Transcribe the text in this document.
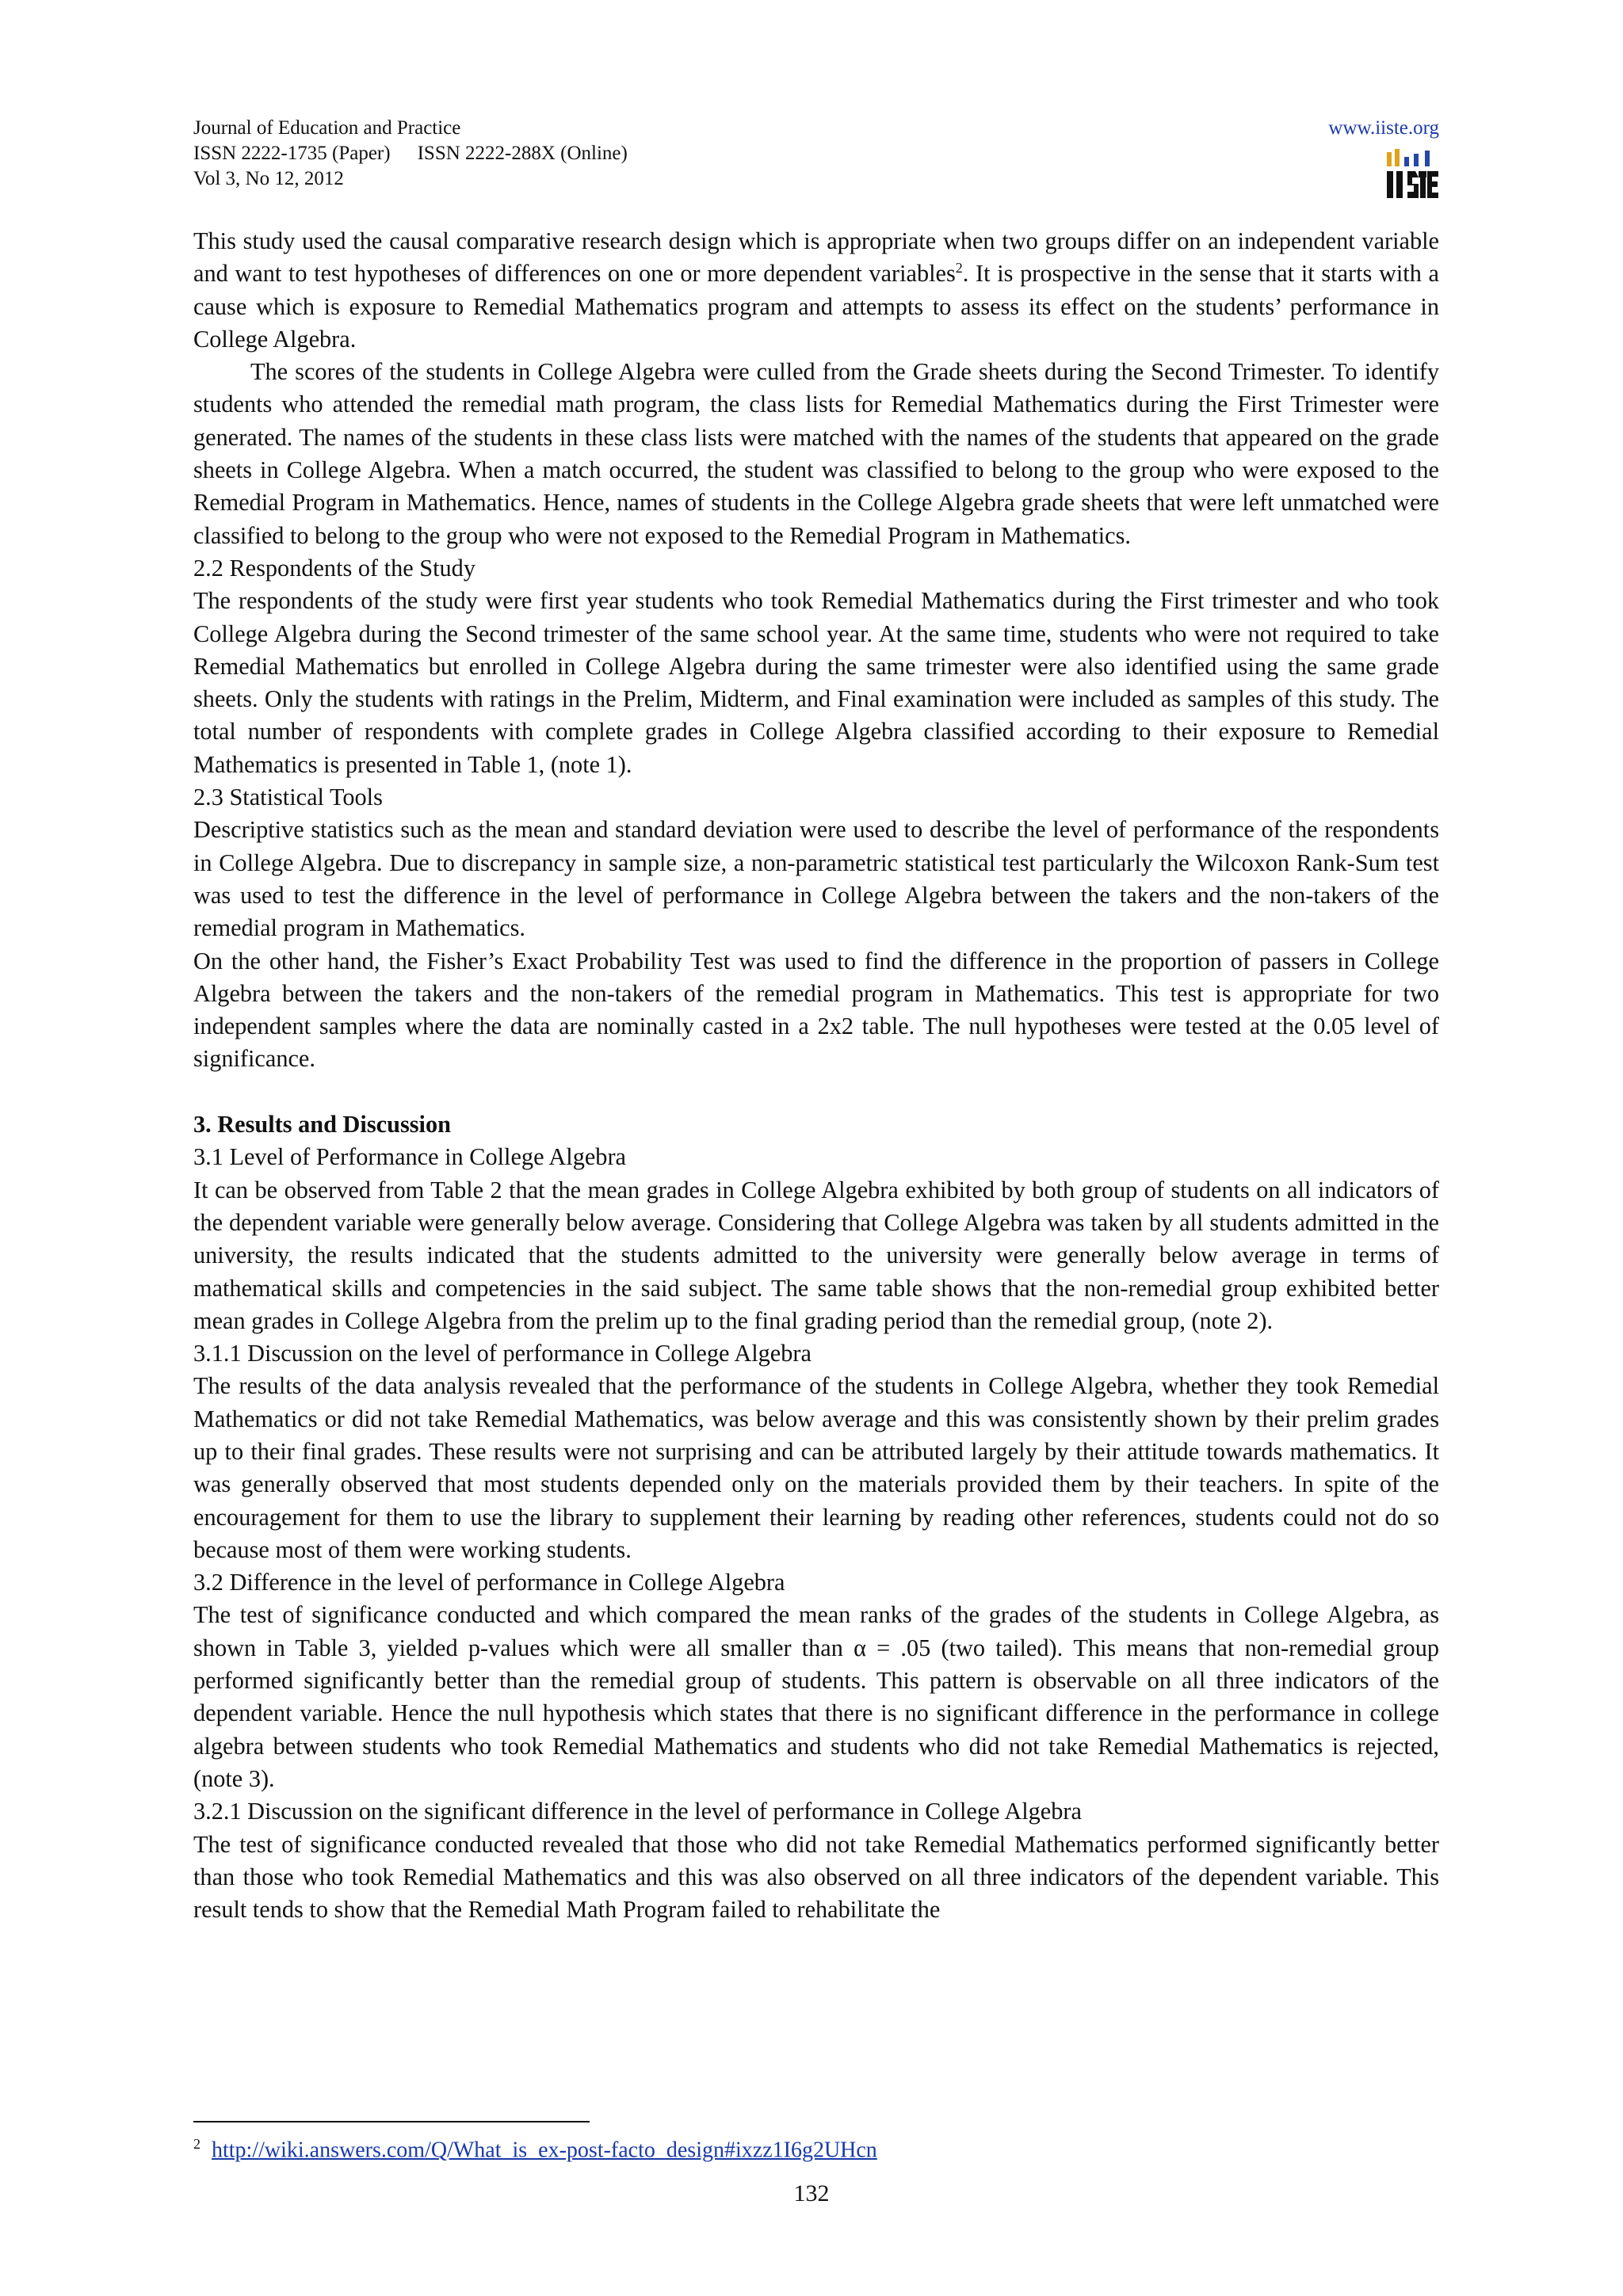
Journal of Education and Practice	www.iiste.org
ISSN 2222-1735 (Paper) ISSN 2222-288X (Online)
Vol 3, No 12, 2012

This study used the causal comparative research design which is appropriate when two groups differ on an independent variable and want to test hypotheses of differences on one or more dependent variables$^2$. It is prospective in the sense that it starts with a cause which is exposure to Remedial Mathematics program and attempts to assess its effect on the students’ performance in College Algebra.

The scores of the students in College Algebra were culled from the Grade sheets during the Second Trimester. To identify students who attended the remedial math program, the class lists for Remedial Mathematics during the First Trimester were generated. The names of the students in these class lists were matched with the names of the students that appeared on the grade sheets in College Algebra. When a match occurred, the student was classified to belong to the group who were exposed to the Remedial Program in Mathematics. Hence, names of students in the College Algebra grade sheets that were left unmatched were classified to belong to the group who were not exposed to the Remedial Program in Mathematics.

2.2 Respondents of the Study

The respondents of the study were first year students who took Remedial Mathematics during the First trimester and who took College Algebra during the Second trimester of the same school year. At the same time, students who were not required to take Remedial Mathematics but enrolled in College Algebra during the same trimester were also identified using the same grade sheets. Only the students with ratings in the Prelim, Midterm, and Final examination were included as samples of this study. The total number of respondents with complete grades in College Algebra classified according to their exposure to Remedial Mathematics is presented in Table 1, (note 1).

2.3 Statistical Tools

Descriptive statistics such as the mean and standard deviation were used to describe the level of performance of the respondents in College Algebra. Due to discrepancy in sample size, a non-parametric statistical test particularly the Wilcoxon Rank-Sum test was used to test the difference in the level of performance in College Algebra between the takers and the non-takers of the remedial program in Mathematics.

On the other hand, the Fisher’s Exact Probability Test was used to find the difference in the proportion of passers in College Algebra between the takers and the non-takers of the remedial program in Mathematics. This test is appropriate for two independent samples where the data are nominally casted in a 2x2 table. The null hypotheses were tested at the 0.05 level of significance.

3. Results and Discussion

3.1 Level of Performance in College Algebra

It can be observed from Table 2 that the mean grades in College Algebra exhibited by both group of students on all indicators of the dependent variable were generally below average. Considering that College Algebra was taken by all students admitted in the university, the results indicated that the students admitted to the university were generally below average in terms of mathematical skills and competencies in the said subject. The same table shows that the non-remedial group exhibited better mean grades in College Algebra from the prelim up to the final grading period than the remedial group, (note 2).

3.1.1 Discussion on the level of performance in College Algebra

The results of the data analysis revealed that the performance of the students in College Algebra, whether they took Remedial Mathematics or did not take Remedial Mathematics, was below average and this was consistently shown by their prelim grades up to their final grades. These results were not surprising and can be attributed largely by their attitude towards mathematics. It was generally observed that most students depended only on the materials provided them by their teachers. In spite of the encouragement for them to use the library to supplement their learning by reading other references, students could not do so because most of them were working students.

3.2 Difference in the level of performance in College Algebra

The test of significance conducted and which compared the mean ranks of the grades of the students in College Algebra, as shown in Table 3, yielded p-values which were all smaller than α = .05 (two tailed). This means that non-remedial group performed significantly better than the remedial group of students. This pattern is observable on all three indicators of the dependent variable. Hence the null hypothesis which states that there is no significant difference in the performance in college algebra between students who took Remedial Mathematics and students who did not take Remedial Mathematics is rejected, (note 3).

3.2.1 Discussion on the significant difference in the level of performance in College Algebra

The test of significance conducted revealed that those who did not take Remedial Mathematics performed significantly better than those who took Remedial Mathematics and this was also observed on all three indicators of the dependent variable. This result tends to show that the Remedial Math Program failed to rehabilitate the

$^2$ http://wiki.answers.com/Q/What_is_ex-post-facto_design#ixzz1I6g2UHcn
132
